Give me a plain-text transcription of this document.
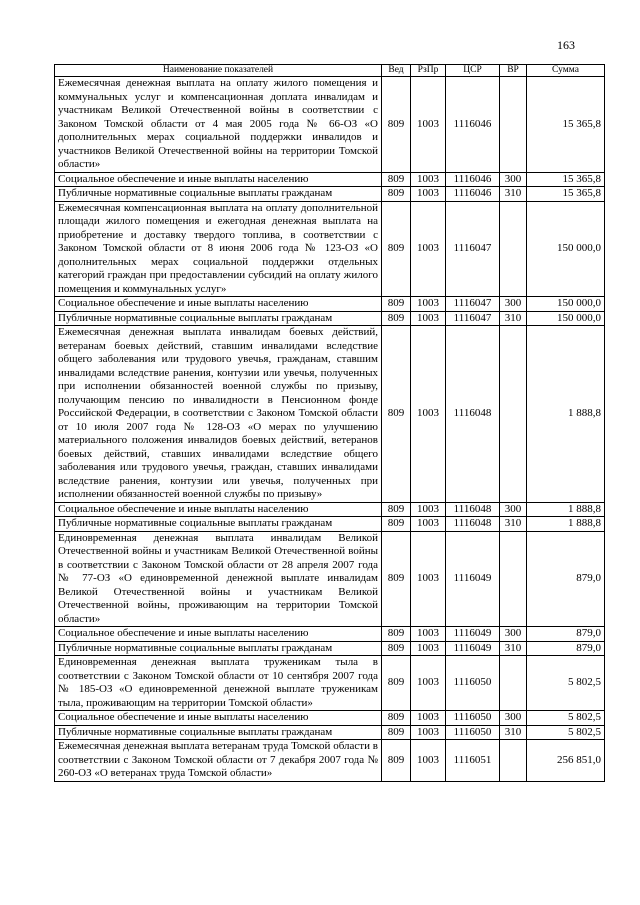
163
Наименование показателей	Вед	РзПр	ЦСР	ВР	Сумма
Ежемесячная денежная выплата на оплату жилого помещения и коммунальных услуг и компенсационная доплата инвалидам и участникам Великой Отечественной войны в соответствии с Законом Томской области от 4 мая 2005 года № 66-ОЗ «О дополнительных мерах социальной поддержки инвалидов и участников Великой Отечественной войны на территории Томской области»	809	1003	1116046		15 365,8
Социальное обеспечение и иные выплаты населению	809	1003	1116046	300	15 365,8
Публичные нормативные социальные выплаты гражданам	809	1003	1116046	310	15 365,8
Ежемесячная компенсационная выплата на оплату дополнительной площади жилого помещения и ежегодная денежная выплата на приобретение и доставку твердого топлива, в соответствии с Законом Томской области от 8 июня 2006 года № 123-ОЗ «О дополнительных мерах социальной поддержки отдельных категорий граждан при предоставлении субсидий на оплату жилого помещения и коммунальных услуг»	809	1003	1116047		150 000,0
Социальное обеспечение и иные выплаты населению	809	1003	1116047	300	150 000,0
Публичные нормативные социальные выплаты гражданам	809	1003	1116047	310	150 000,0
Ежемесячная денежная выплата инвалидам боевых действий, ветеранам боевых действий, ставшим инвалидами вследствие общего заболевания или трудового увечья, гражданам, ставшим инвалидами вследствие ранения, контузии или увечья, полученных при исполнении обязанностей военной службы по призыву, получающим пенсию по инвалидности в Пенсионном фонде Российской Федерации, в соответствии с Законом Томской области от 10 июля 2007 года № 128-ОЗ «О мерах по улучшению материального положения инвалидов боевых действий, ветеранов боевых действий, ставших инвалидами вследствие общего заболевания или трудового увечья, граждан, ставших инвалидами вследствие ранения, контузии или увечья, полученных при исполнении обязанностей военной службы по призыву»	809	1003	1116048		1 888,8
Социальное обеспечение и иные выплаты населению	809	1003	1116048	300	1 888,8
Публичные нормативные социальные выплаты гражданам	809	1003	1116048	310	1 888,8
Единовременная денежная выплата инвалидам Великой Отечественной войны и участникам Великой Отечественной войны в соответствии с Законом Томской области от 28 апреля 2007 года № 77-ОЗ «О единовременной денежной выплате инвалидам Великой Отечественной войны и участникам Великой Отечественной войны, проживающим на территории Томской области»	809	1003	1116049		879,0
Социальное обеспечение и иные выплаты населению	809	1003	1116049	300	879,0
Публичные нормативные социальные выплаты гражданам	809	1003	1116049	310	879,0
Единовременная денежная выплата труженикам тыла в соответствии с Законом Томской области от 10 сентября 2007 года № 185-ОЗ «О единовременной денежной выплате труженикам тыла, проживающим на территории Томской области»	809	1003	1116050		5 802,5
Социальное обеспечение и иные выплаты населению	809	1003	1116050	300	5 802,5
Публичные нормативные социальные выплаты гражданам	809	1003	1116050	310	5 802,5
Ежемесячная денежная выплата ветеранам труда Томской области в соответствии с Законом Томской области от 7 декабря 2007 года № 260-ОЗ «О ветеранах труда Томской области»	809	1003	1116051		256 851,0
